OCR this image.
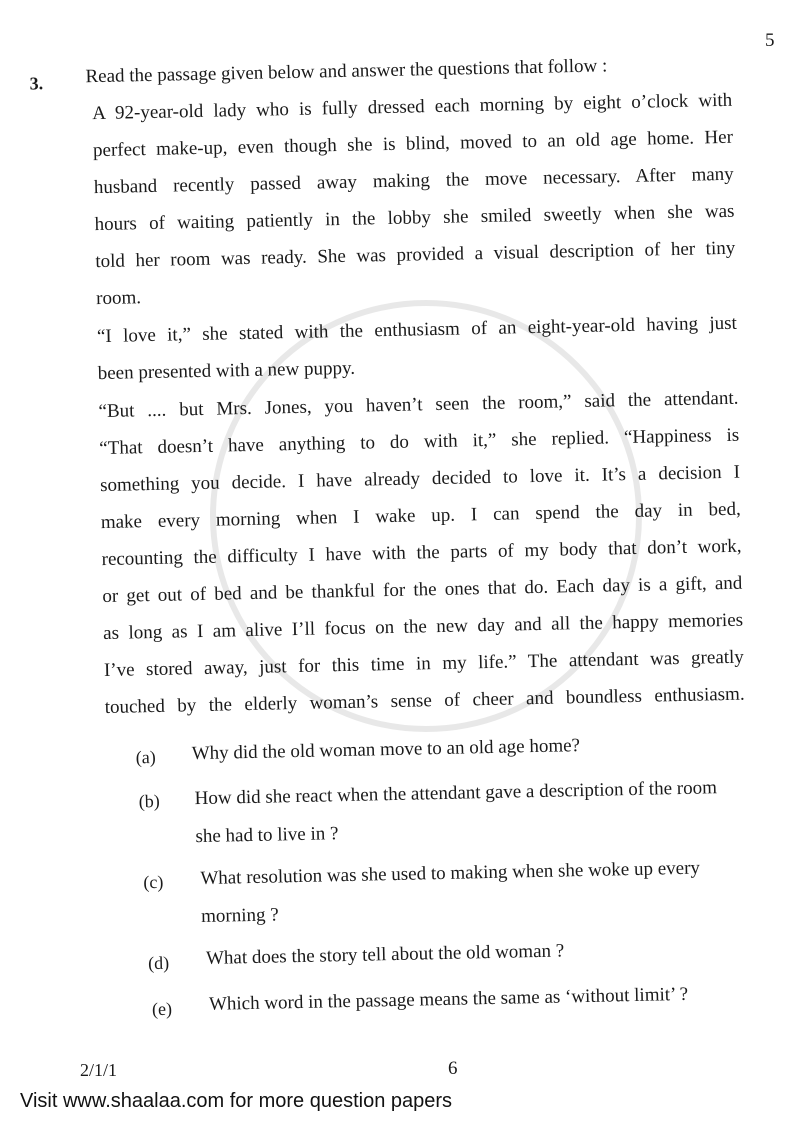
5
3. Read the passage given below and answer the questions that follow :
A 92-year-old lady who is fully dressed each morning by eight o’clock with
perfect make-up, even though she is blind, moved to an old age home. Her
husband recently passed away making the move necessary. After many
hours of waiting patiently in the lobby she smiled sweetly when she was
told her room was ready. She was provided a visual description of her tiny
room.
“I love it,” she stated with the enthusiasm of an eight-year-old having just
been presented with a new puppy.
“But .... but Mrs. Jones, you haven’t seen the room,” said the attendant.
“That doesn’t have anything to do with it,” she replied. “Happiness is
something you decide. I have already decided to love it. It’s a decision I
make every morning when I wake up. I can spend the day in bed,
recounting the difficulty I have with the parts of my body that don’t work,
or get out of bed and be thankful for the ones that do. Each day is a gift, and
as long as I am alive I’ll focus on the new day and all the happy memories
I’ve stored away, just for this time in my life.” The attendant was greatly
touched by the elderly woman’s sense of cheer and boundless enthusiasm.
(a) Why did the old woman move to an old age home?
(b) How did she react when the attendant gave a description of the room
she had to live in ?
(c) What resolution was she used to making when she woke up every
morning ?
(d) What does the story tell about the old woman ?
(e) Which word in the passage means the same as ‘without limit’ ?
6
2/1/1
Visit www.shaalaa.com for more question papers
